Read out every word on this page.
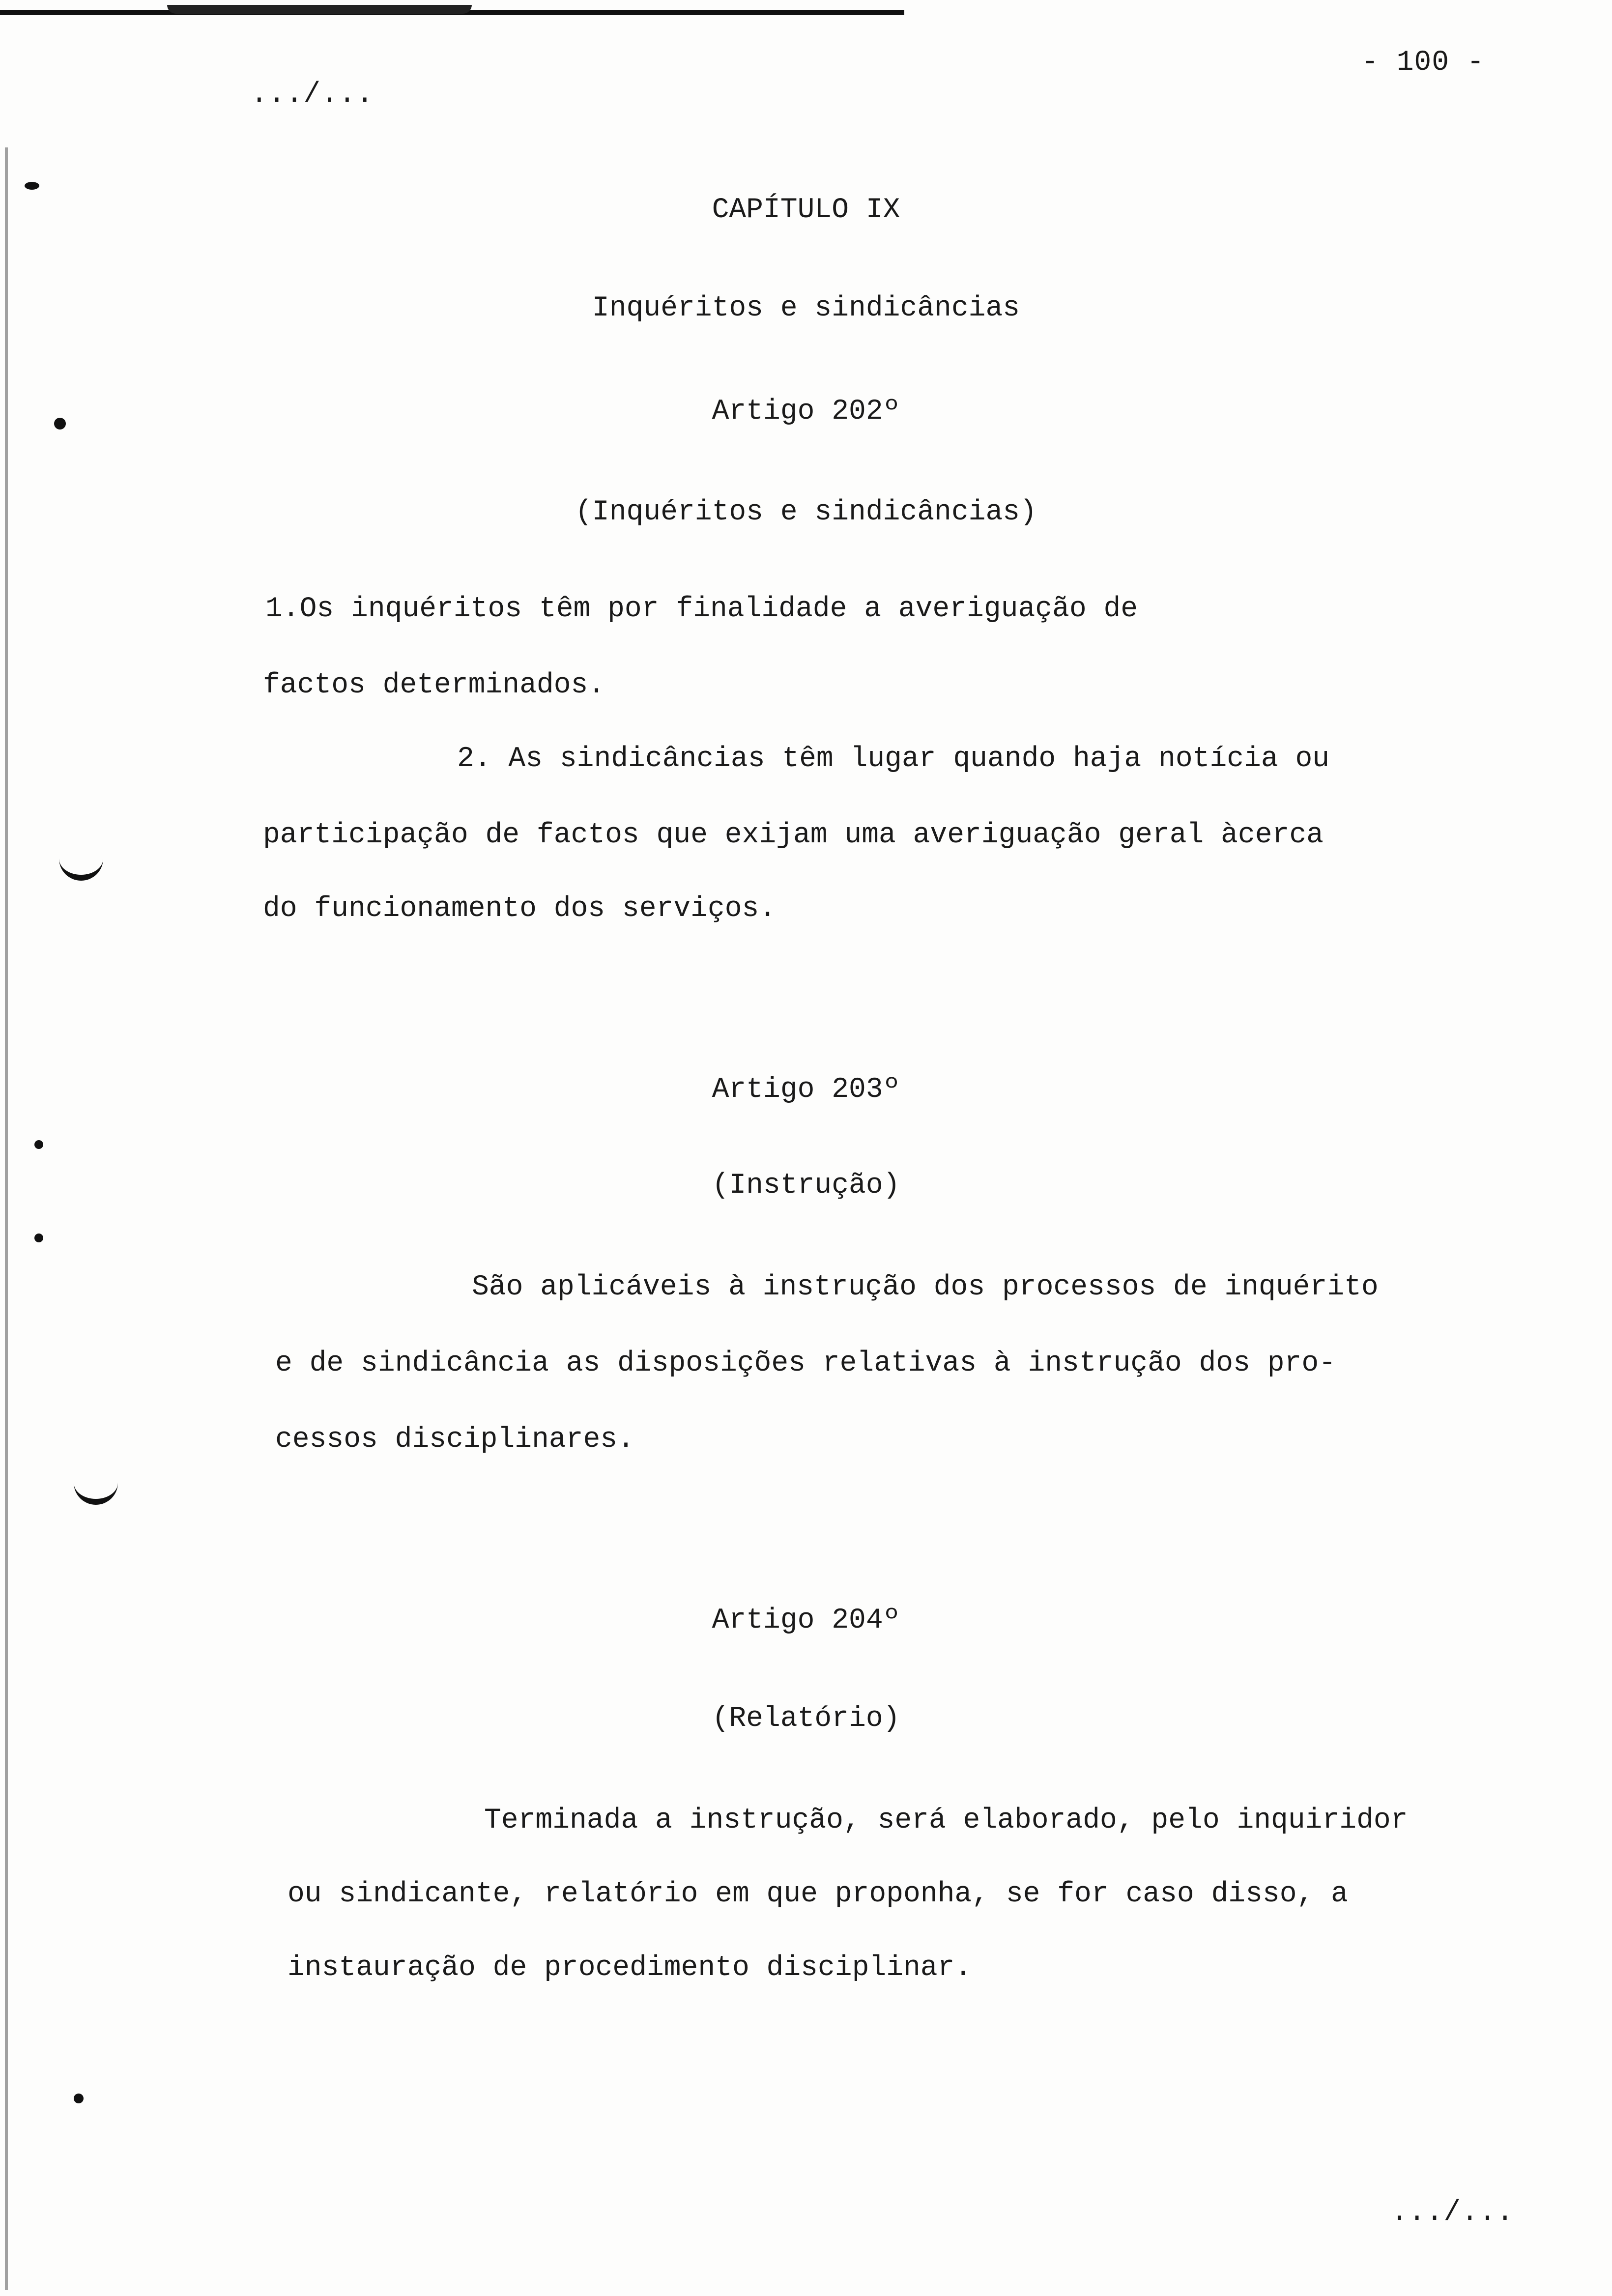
- 100 -
.../...
CAPÍTULO IX
Inquéritos e sindicâncias
Artigo 202º
(Inquéritos e sindicâncias)
1.Os inquéritos têm por finalidade a averiguação de
factos determinados.
2. As sindicâncias têm lugar quando haja notícia ou
participação de factos que exijam uma averiguação geral àcerca
do funcionamento dos serviços.
Artigo 203º
(Instrução)
São aplicáveis à instrução dos processos de inquérito
e de sindicância as disposições relativas à instrução dos pro-
cessos disciplinares.
Artigo 204º
(Relatório)
Terminada a instrução, será elaborado, pelo inquiridor
ou sindicante, relatório em que proponha, se for caso disso, a
instauração de procedimento disciplinar.
.../...
